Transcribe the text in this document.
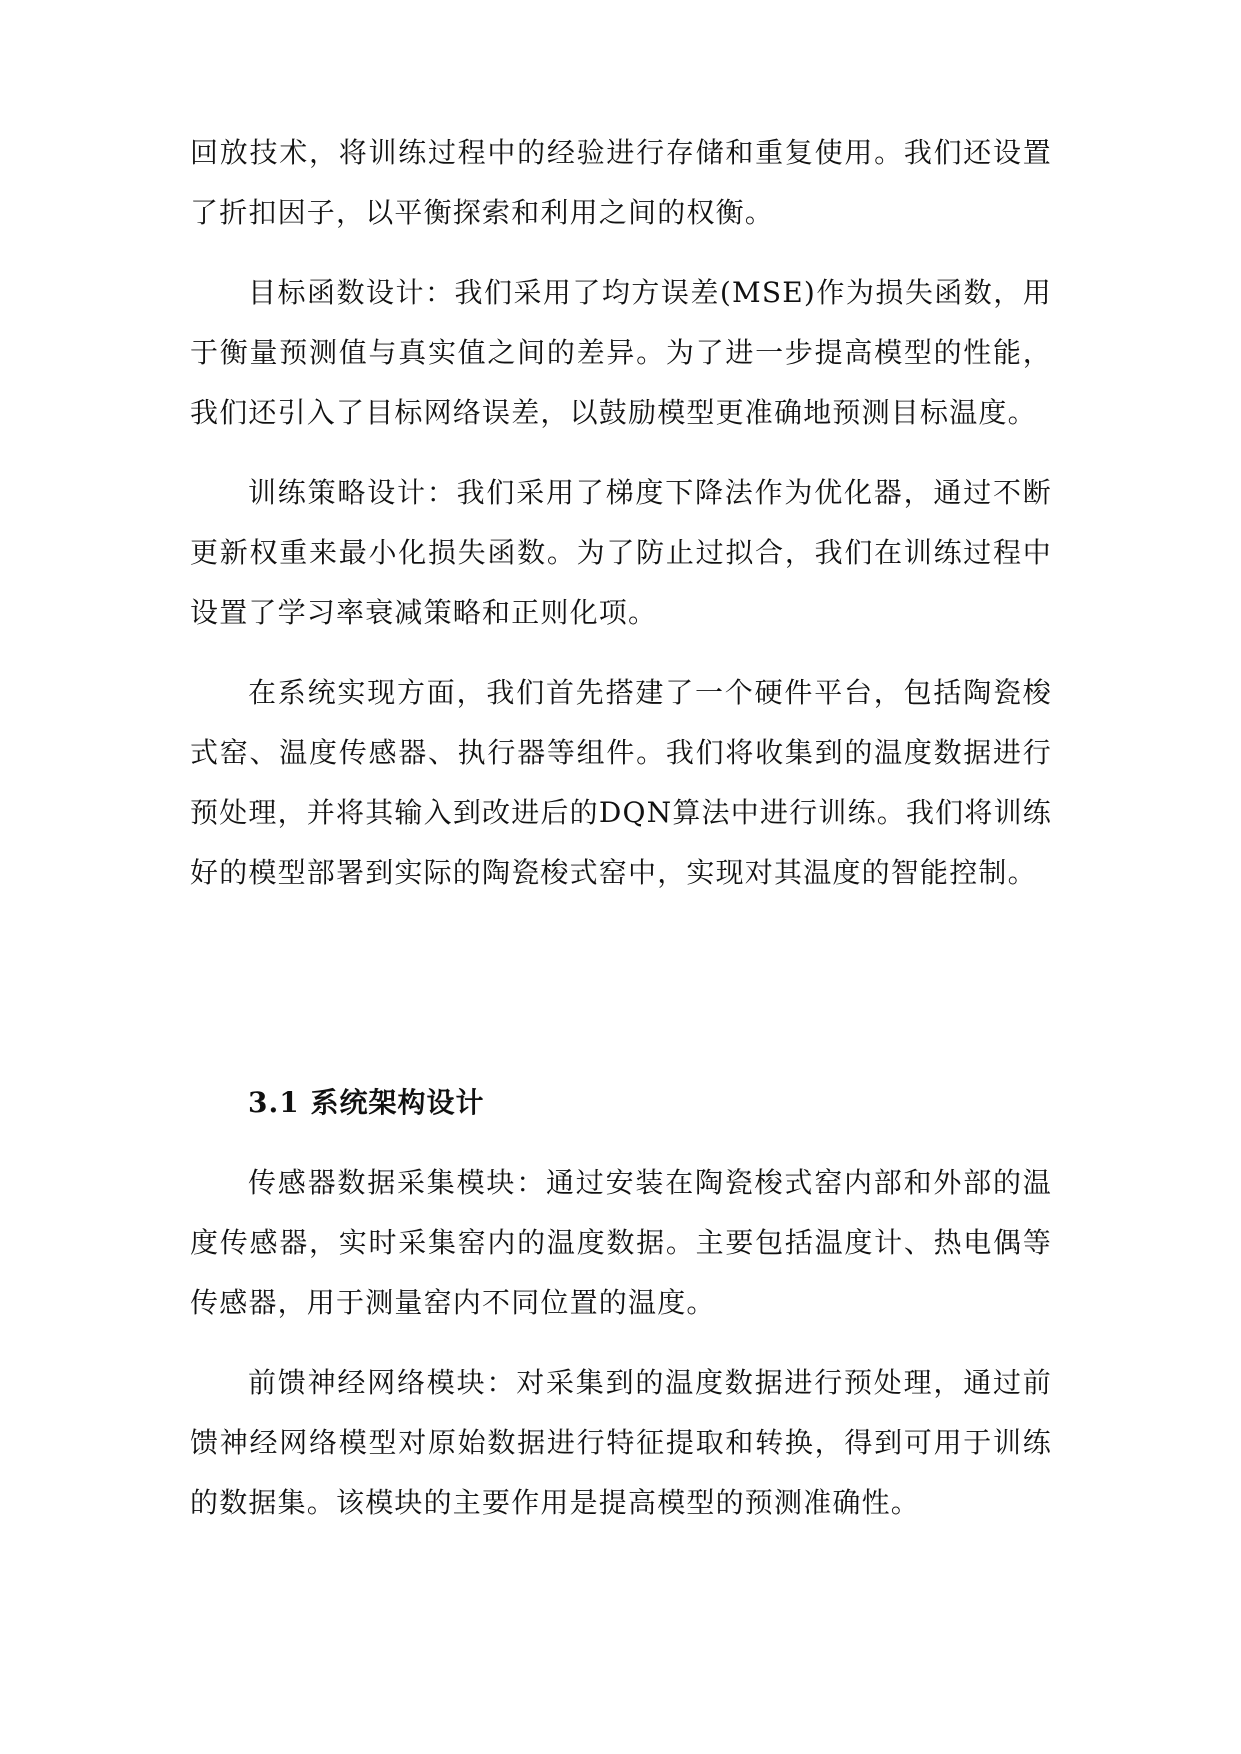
回放技术，将训练过程中的经验进行存储和重复使用。我们还设置了折扣因子，以平衡探索和利用之间的权衡。

目标函数设计：我们采用了均方误差(MSE)作为损失函数，用于衡量预测值与真实值之间的差异。为了进一步提高模型的性能，我们还引入了目标网络误差，以鼓励模型更准确地预测目标温度。

训练策略设计：我们采用了梯度下降法作为优化器，通过不断更新权重来最小化损失函数。为了防止过拟合，我们在训练过程中设置了学习率衰减策略和正则化项。

在系统实现方面，我们首先搭建了一个硬件平台，包括陶瓷梭式窑、温度传感器、执行器等组件。我们将收集到的温度数据进行预处理，并将其输入到改进后的DQN算法中进行训练。我们将训练好的模型部署到实际的陶瓷梭式窑中，实现对其温度的智能控制。

3.1 系统架构设计

传感器数据采集模块：通过安装在陶瓷梭式窑内部和外部的温度传感器，实时采集窑内的温度数据。主要包括温度计、热电偶等传感器，用于测量窑内不同位置的温度。

前馈神经网络模块：对采集到的温度数据进行预处理，通过前馈神经网络模型对原始数据进行特征提取和转换，得到可用于训练的数据集。该模块的主要作用是提高模型的预测准确性。
